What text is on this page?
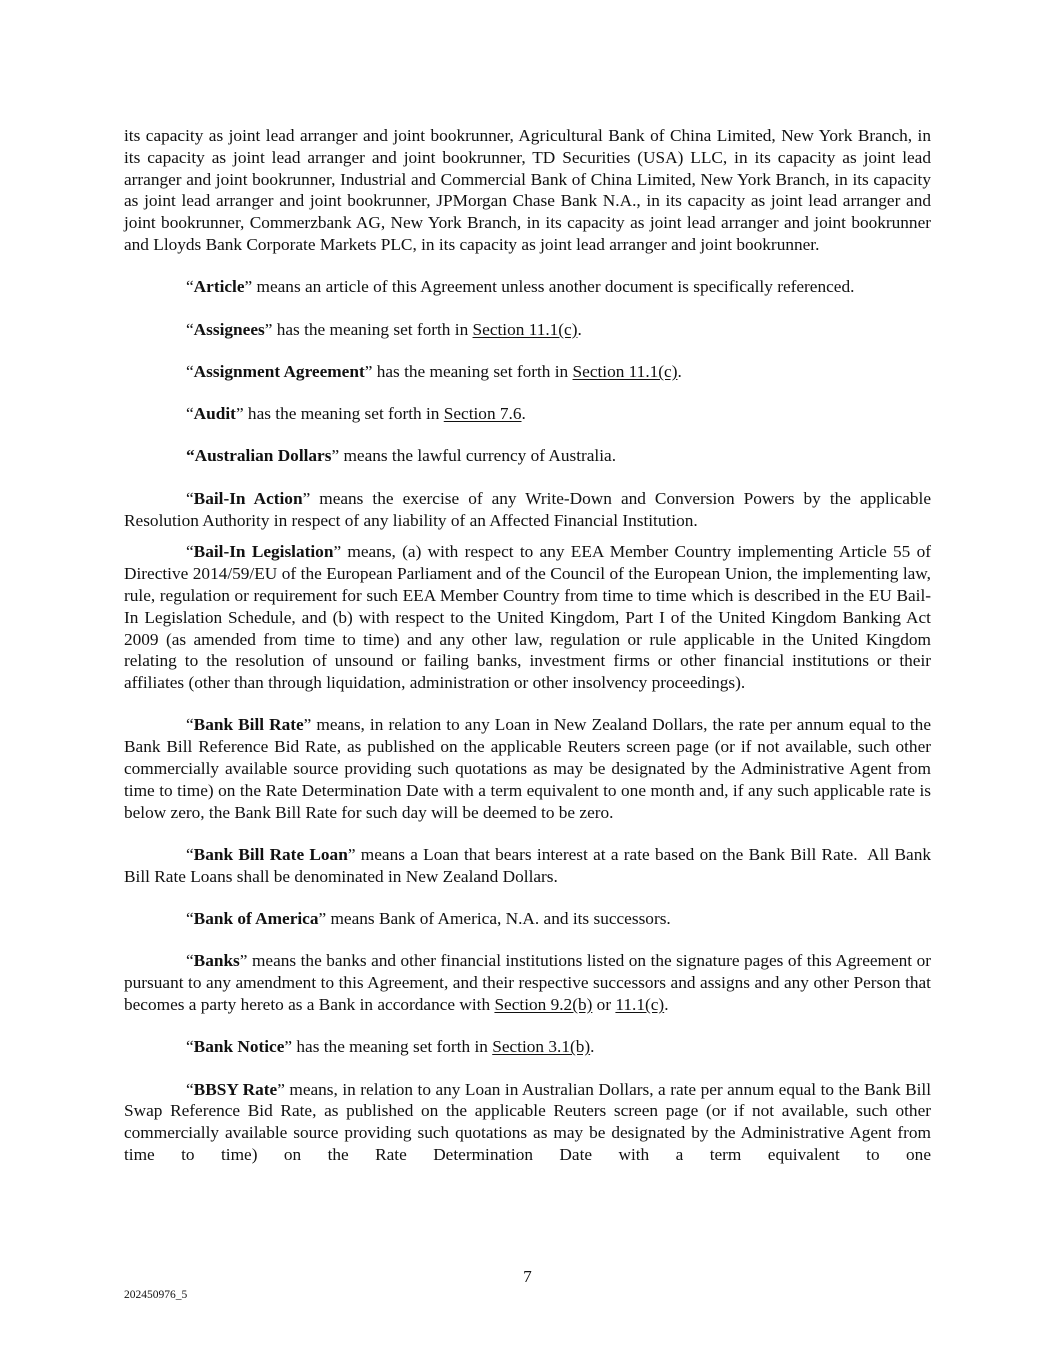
its capacity as joint lead arranger and joint bookrunner, Agricultural Bank of China Limited, New York Branch, in its capacity as joint lead arranger and joint bookrunner, TD Securities (USA) LLC, in its capacity as joint lead arranger and joint bookrunner, Industrial and Commercial Bank of China Limited, New York Branch, in its capacity as joint lead arranger and joint bookrunner, JPMorgan Chase Bank N.A., in its capacity as joint lead arranger and joint bookrunner, Commerzbank AG, New York Branch, in its capacity as joint lead arranger and joint bookrunner and Lloyds Bank Corporate Markets PLC, in its capacity as joint lead arranger and joint bookrunner.

“Article” means an article of this Agreement unless another document is specifically referenced.

“Assignees” has the meaning set forth in Section 11.1(c).

“Assignment Agreement” has the meaning set forth in Section 11.1(c).

“Audit” has the meaning set forth in Section 7.6.

“Australian Dollars” means the lawful currency of Australia.

“Bail-In Action” means the exercise of any Write-Down and Conversion Powers by the applicable Resolution Authority in respect of any liability of an Affected Financial Institution.

“Bail-In Legislation” means, (a) with respect to any EEA Member Country implementing Article 55 of Directive 2014/59/EU of the European Parliament and of the Council of the European Union, the implementing law, rule, regulation or requirement for such EEA Member Country from time to time which is described in the EU Bail-In Legislation Schedule, and (b) with respect to the United Kingdom, Part I of the United Kingdom Banking Act 2009 (as amended from time to time) and any other law, regulation or rule applicable in the United Kingdom relating to the resolution of unsound or failing banks, investment firms or other financial institutions or their affiliates (other than through liquidation, administration or other insolvency proceedings).

“Bank Bill Rate” means, in relation to any Loan in New Zealand Dollars, the rate per annum equal to the Bank Bill Reference Bid Rate, as published on the applicable Reuters screen page (or if not available, such other commercially available source providing such quotations as may be designated by the Administrative Agent from time to time) on the Rate Determination Date with a term equivalent to one month and, if any such applicable rate is below zero, the Bank Bill Rate for such day will be deemed to be zero.

“Bank Bill Rate Loan” means a Loan that bears interest at a rate based on the Bank Bill Rate.  All Bank Bill Rate Loans shall be denominated in New Zealand Dollars.

“Bank of America” means Bank of America, N.A. and its successors.

“Banks” means the banks and other financial institutions listed on the signature pages of this Agreement or pursuant to any amendment to this Agreement, and their respective successors and assigns and any other Person that becomes a party hereto as a Bank in accordance with Section 9.2(b) or 11.1(c).

“Bank Notice” has the meaning set forth in Section 3.1(b).

“BBSY Rate” means, in relation to any Loan in Australian Dollars, a rate per annum equal to the Bank Bill Swap Reference Bid Rate, as published on the applicable Reuters screen page (or if not available, such other commercially available source providing such quotations as may be designated by the Administrative Agent from time to time) on the Rate Determination Date with a term equivalent to one

7
202450976_5
